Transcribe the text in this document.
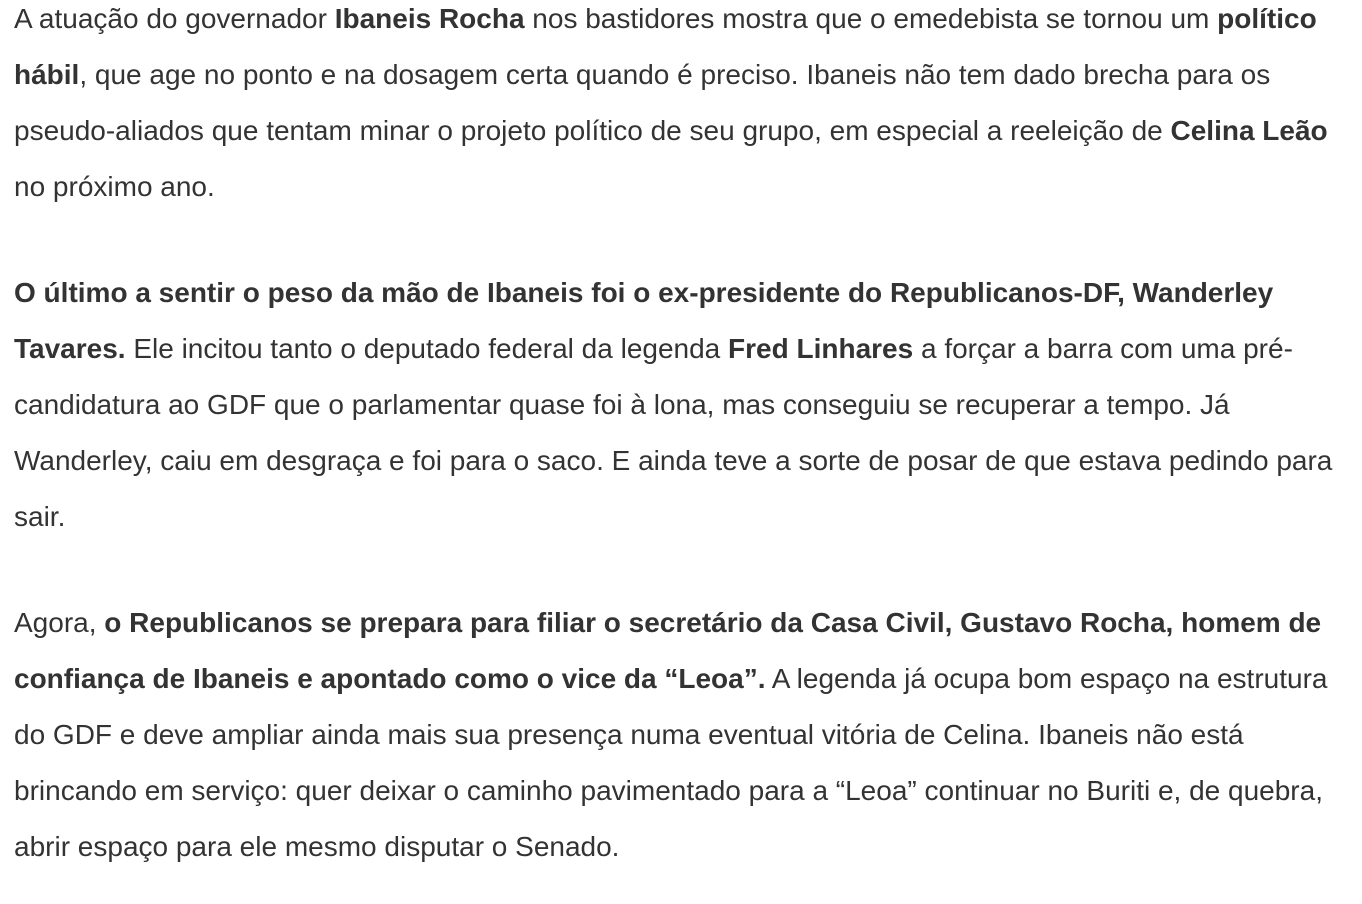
A atuação do governador Ibaneis Rocha nos bastidores mostra que o emedebista se tornou um político hábil, que age no ponto e na dosagem certa quando é preciso. Ibaneis não tem dado brecha para os pseudo-aliados que tentam minar o projeto político de seu grupo, em especial a reeleição de Celina Leão no próximo ano.

O último a sentir o peso da mão de Ibaneis foi o ex-presidente do Republicanos-DF, Wanderley Tavares. Ele incitou tanto o deputado federal da legenda Fred Linhares a forçar a barra com uma pré-candidatura ao GDF que o parlamentar quase foi à lona, mas conseguiu se recuperar a tempo. Já Wanderley, caiu em desgraça e foi para o saco. E ainda teve a sorte de posar de que estava pedindo para sair.

Agora, o Republicanos se prepara para filiar o secretário da Casa Civil, Gustavo Rocha, homem de confiança de Ibaneis e apontado como o vice da “Leoa”. A legenda já ocupa bom espaço na estrutura do GDF e deve ampliar ainda mais sua presença numa eventual vitória de Celina. Ibaneis não está brincando em serviço: quer deixar o caminho pavimentado para a “Leoa” continuar no Buriti e, de quebra, abrir espaço para ele mesmo disputar o Senado.
